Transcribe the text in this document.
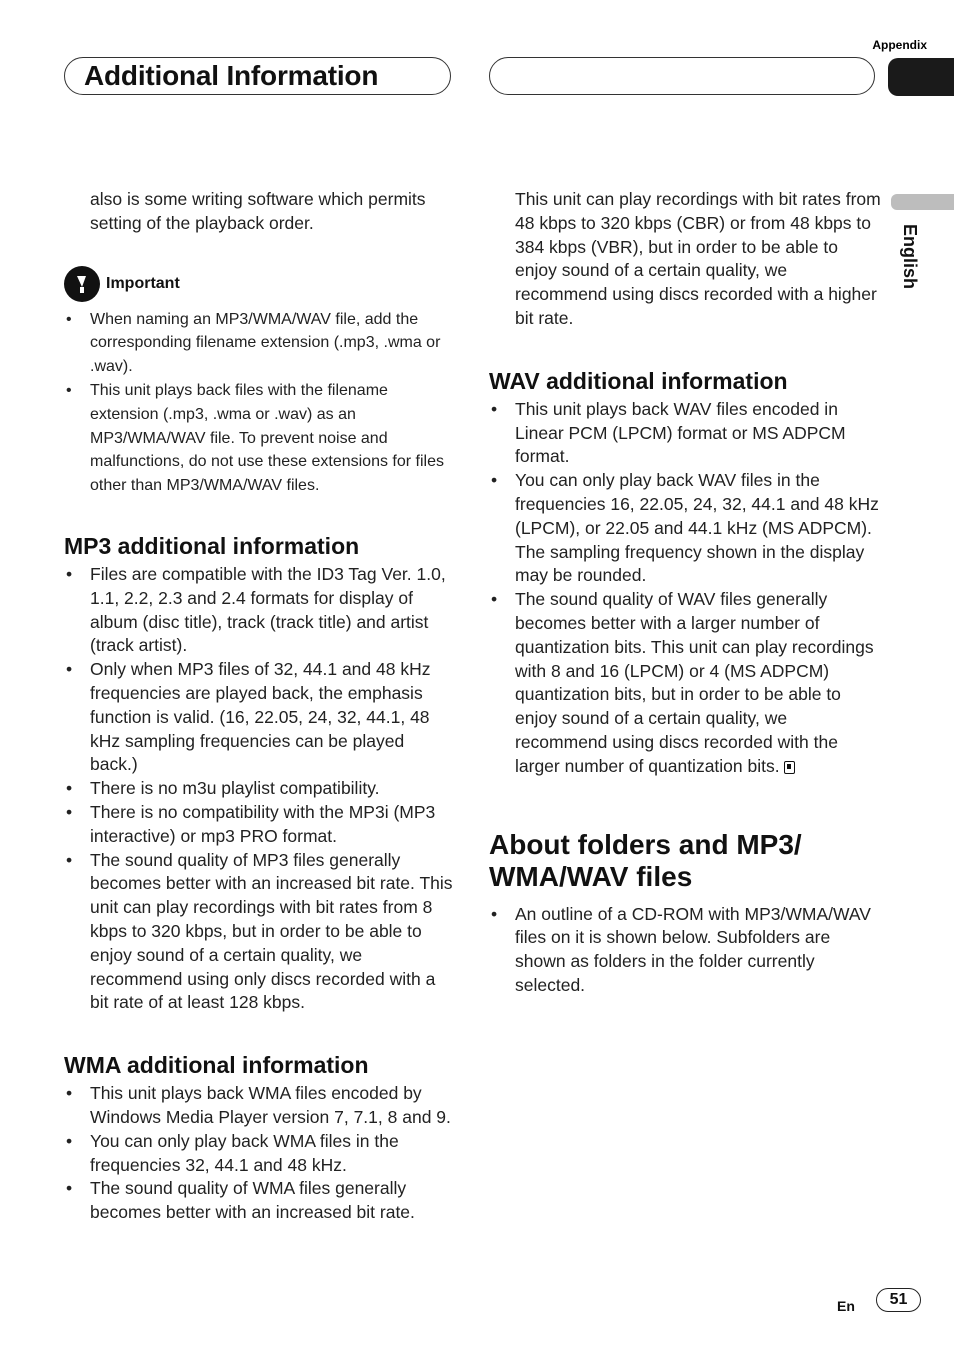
Appendix
Additional Information
English

also is some writing software which permits setting of the playback order.

Important
• When naming an MP3/WMA/WAV file, add the corresponding filename extension (.mp3, .wma or .wav).
• This unit plays back files with the filename extension (.mp3, .wma or .wav) as an MP3/WMA/WAV file. To prevent noise and malfunctions, do not use these extensions for files other than MP3/WMA/WAV files.
MP3 additional information
• Files are compatible with the ID3 Tag Ver. 1.0, 1.1, 2.2, 2.3 and 2.4 formats for display of album (disc title), track (track title) and artist (track artist).
• Only when MP3 files of 32, 44.1 and 48 kHz frequencies are played back, the emphasis function is valid. (16, 22.05, 24, 32, 44.1, 48 kHz sampling frequencies can be played back.)
• There is no m3u playlist compatibility.
• There is no compatibility with the MP3i (MP3 interactive) or mp3 PRO format.
• The sound quality of MP3 files generally becomes better with an increased bit rate. This unit can play recordings with bit rates from 8 kbps to 320 kbps, but in order to be able to enjoy sound of a certain quality, we recommend using only discs recorded with a bit rate of at least 128 kbps.
WMA additional information
• This unit plays back WMA files encoded by Windows Media Player version 7, 7.1, 8 and 9.
• You can only play back WMA files in the frequencies 32, 44.1 and 48 kHz.
• The sound quality of WMA files generally becomes better with an increased bit rate.

This unit can play recordings with bit rates from 48 kbps to 320 kbps (CBR) or from 48 kbps to 384 kbps (VBR), but in order to be able to enjoy sound of a certain quality, we recommend using discs recorded with a higher bit rate.

WAV additional information
• This unit plays back WAV files encoded in Linear PCM (LPCM) format or MS ADPCM format.
• You can only play back WAV files in the frequencies 16, 22.05, 24, 32, 44.1 and 48 kHz (LPCM), or 22.05 and 44.1 kHz (MS ADPCM). The sampling frequency shown in the display may be rounded.
• The sound quality of WAV files generally becomes better with a larger number of quantization bits. This unit can play recordings with 8 and 16 (LPCM) or 4 (MS ADPCM) quantization bits, but in order to be able to enjoy sound of a certain quality, we recommend using discs recorded with the larger number of quantization bits.
About folders and MP3/ WMA/WAV files
• An outline of a CD-ROM with MP3/WMA/WAV files on it is shown below. Subfolders are shown as folders in the folder currently selected.
En	51
